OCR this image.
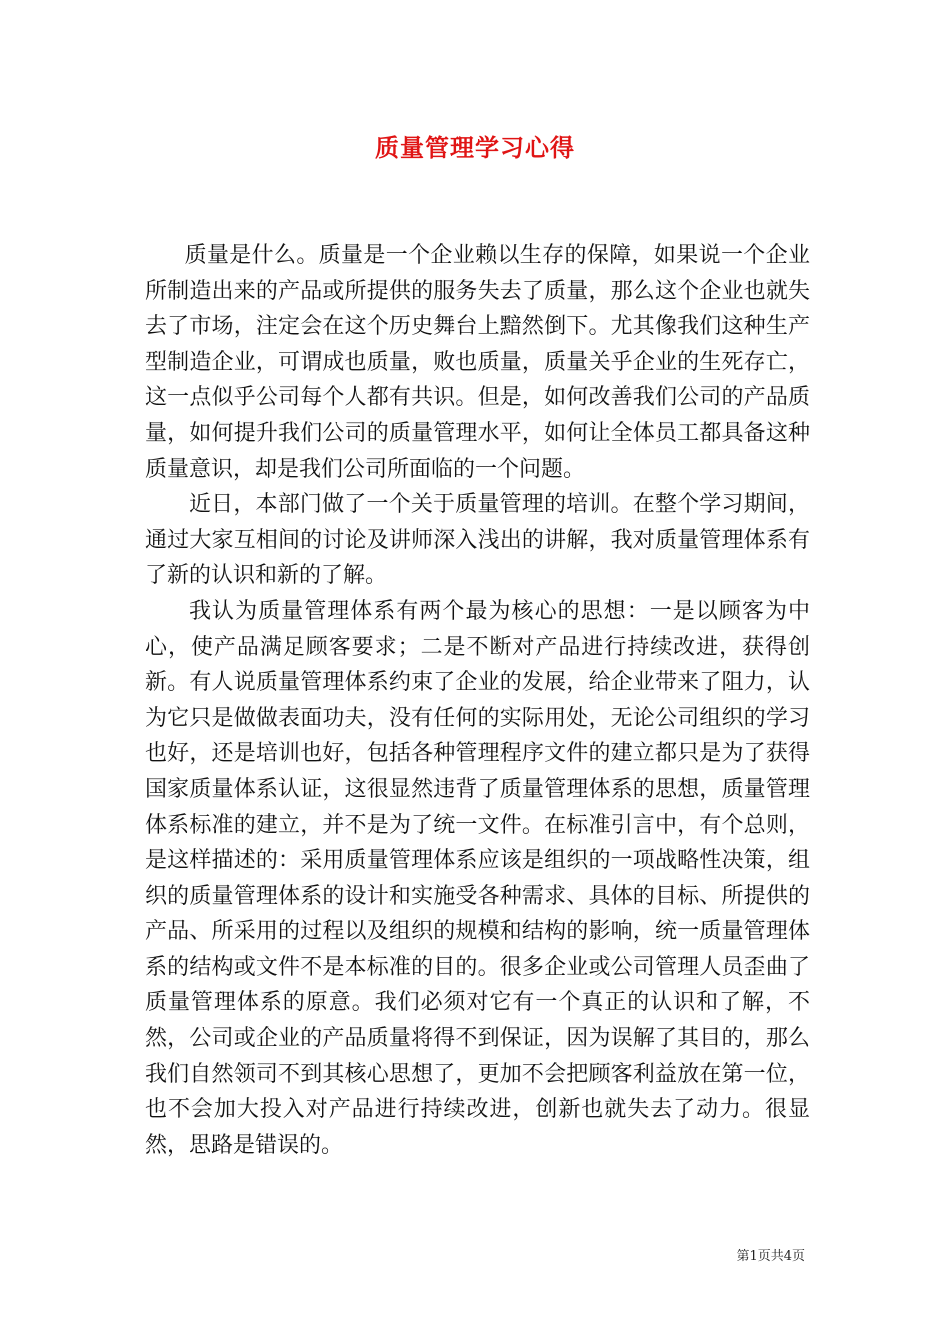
质量管理学习心得

质量是什么。质量是一个企业赖以生存的保障，如果说一个企业所制造出来的产品或所提供的服务失去了质量，那么这个企业也就失去了市场，注定会在这个历史舞台上黯然倒下。尤其像我们这种生产型制造企业，可谓成也质量，败也质量，质量关乎企业的生死存亡，这一点似乎公司每个人都有共识。但是，如何改善我们公司的产品质量，如何提升我们公司的质量管理水平，如何让全体员工都具备这种质量意识，却是我们公司所面临的一个问题。

近日，本部门做了一个关于质量管理的培训。在整个学习期间，通过大家互相间的讨论及讲师深入浅出的讲解，我对质量管理体系有了新的认识和新的了解。

我认为质量管理体系有两个最为核心的思想：一是以顾客为中心，使产品满足顾客要求；二是不断对产品进行持续改进，获得创新。有人说质量管理体系约束了企业的发展，给企业带来了阻力，认为它只是做做表面功夫，没有任何的实际用处，无论公司组织的学习也好，还是培训也好，包括各种管理程序文件的建立都只是为了获得国家质量体系认证，这很显然违背了质量管理体系的思想，质量管理体系标准的建立，并不是为了统一文件。在标准引言中，有个总则，是这样描述的：采用质量管理体系应该是组织的一项战略性决策，组织的质量管理体系的设计和实施受各种需求、具体的目标、所提供的产品、所采用的过程以及组织的规模和结构的影响，统一质量管理体系的结构或文件不是本标准的目的。很多企业或公司管理人员歪曲了质量管理体系的原意。我们必须对它有一个真正的认识和了解，不然，公司或企业的产品质量将得不到保证，因为误解了其目的，那么我们自然领司不到其核心思想了，更加不会把顾客利益放在第一位，也不会加大投入对产品进行持续改进，创新也就失去了动力。很显然，思路是错误的。

第1页共4页
